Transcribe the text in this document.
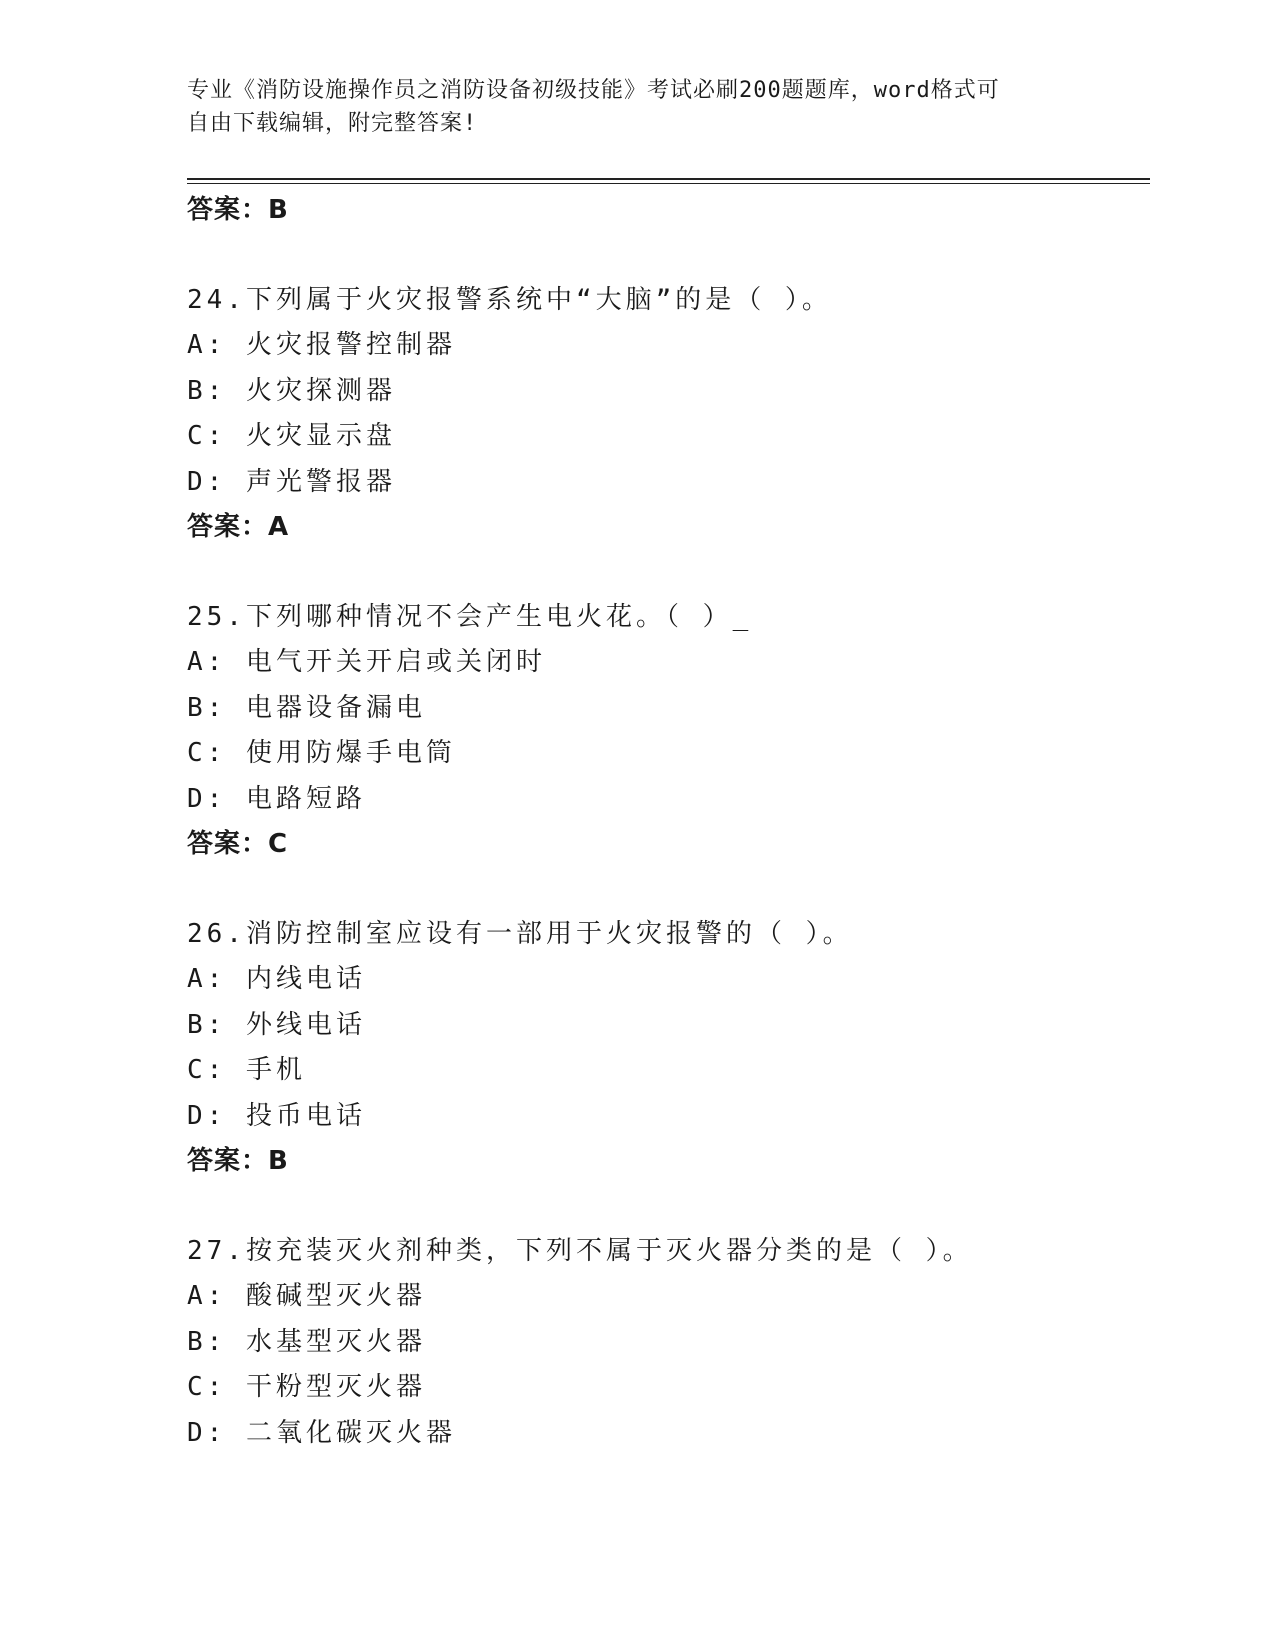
专业《消防设施操作员之消防设备初级技能》考试必刷200题题库，word格式可
自由下载编辑，附完整答案!
答案：B
24.下列属于火灾报警系统中“大脑”的是（ ）。
A: 火灾报警控制器
B: 火灾探测器
C: 火灾显示盘
D: 声光警报器
答案：A
25.下列哪种情况不会产生电火花。（ ）_
A: 电气开关开启或关闭时
B: 电器设备漏电
C: 使用防爆手电筒
D: 电路短路
答案：C
26.消防控制室应设有一部用于火灾报警的（ ）。
A: 内线电话
B: 外线电话
C: 手机
D: 投币电话
答案：B
27.按充装灭火剂种类，下列不属于灭火器分类的是（ ）。
A: 酸碱型灭火器
B: 水基型灭火器
C: 干粉型灭火器
D: 二氧化碳灭火器
